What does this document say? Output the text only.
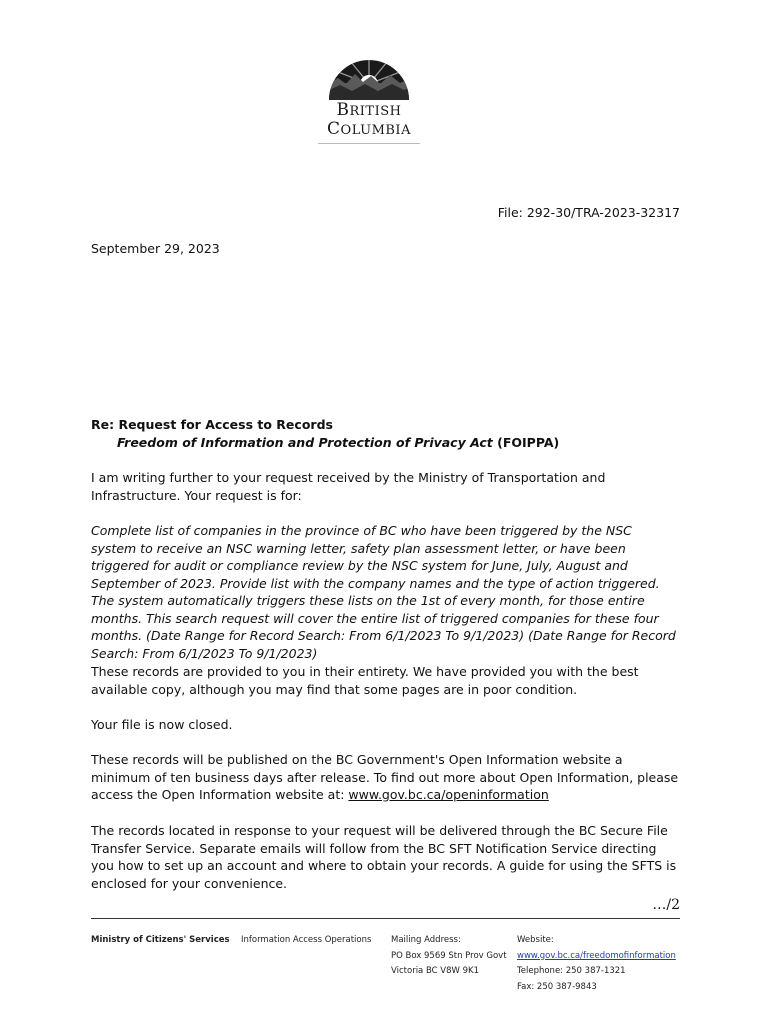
BRITISH
COLUMBIA
File: 292-30/TRA-2023-32317
September 29, 2023
Re: Request for Access to Records
Freedom of Information and Protection of Privacy Act (FOIPPA)

I am writing further to your request received by the Ministry of Transportation and Infrastructure. Your request is for:

Complete list of companies in the province of BC who have been triggered by the NSC system to receive an NSC warning letter, safety plan assessment letter, or have been triggered for audit or compliance review by the NSC system for June, July, August and September of 2023. Provide list with the company names and the type of action triggered. The system automatically triggers these lists on the 1st of every month, for those entire months. This search request will cover the entire list of triggered companies for these four months. (Date Range for Record Search: From 6/1/2023 To 9/1/2023) (Date Range for Record Search: From 6/1/2023 To 9/1/2023)

These records are provided to you in their entirety. We have provided you with the best available copy, although you may find that some pages are in poor condition.

Your file is now closed.

These records will be published on the BC Government's Open Information website a minimum of ten business days after release. To find out more about Open Information, please access the Open Information website at: www.gov.bc.ca/openinformation

The records located in response to your request will be delivered through the BC Secure File Transfer Service. Separate emails will follow from the BC SFT Notification Service directing you how to set up an account and where to obtain your records. A guide for using the SFTS is enclosed for your convenience.

…/2
Ministry of Citizens' Services Information Access Operations Mailing Address:
PO Box 9569 Stn Prov Govt
Victoria BC V8W 9K1
Website:
www.gov.bc.ca/freedomofinformation
Telephone: 250 387-1321
Fax: 250 387-9843
